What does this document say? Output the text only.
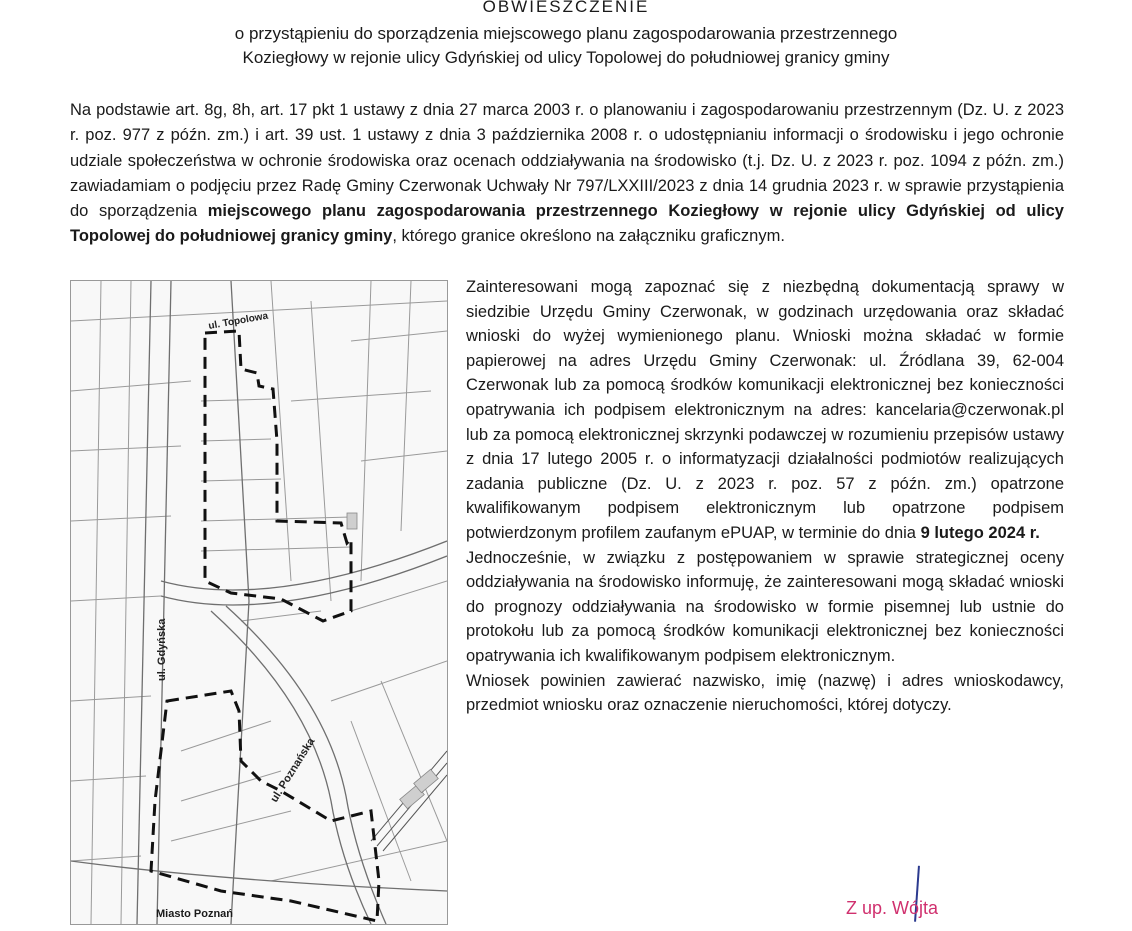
OBWIESZCZENIE
o przystąpieniu do sporządzenia miejscowego planu zagospodarowania przestrzennego
Koziegłowy w rejonie ulicy Gdyńskiej od ulicy Topolowej do południowej granicy gminy

Na podstawie art. 8g, 8h, art. 17 pkt 1 ustawy z dnia 27 marca 2003 r. o planowaniu i zagospodarowaniu przestrzennym (Dz. U. z 2023 r. poz. 977 z późn. zm.) i art. 39 ust. 1 ustawy z dnia 3 października 2008 r. o udostępnianiu informacji o środowisku i jego ochronie udziale społeczeństwa w ochronie środowiska oraz ocenach oddziaływania na środowisko (t.j. Dz. U. z 2023 r. poz. 1094 z późn. zm.) zawiadamiam o podjęciu przez Radę Gminy Czerwonak Uchwały Nr 797/LXXIII/2023 z dnia 14 grudnia 2023 r. w sprawie przystąpienia do sporządzenia miejscowego planu zagospodarowania przestrzennego Koziegłowy w rejonie ulicy Gdyńskiej od ulicy Topolowej do południowej granicy gminy, którego granice określono na załączniku graficznym.

ul. Topolowa
ul. Gdyńska
ul. Poznańska
Miasto Poznań

Zainteresowani mogą zapoznać się z niezbędną dokumentacją sprawy w siedzibie Urzędu Gminy Czerwonak, w godzinach urzędowania oraz składać wnioski do wyżej wymienionego planu. Wnioski można składać w formie papierowej na adres Urzędu Gminy Czerwonak: ul. Źródlana 39, 62-004 Czerwonak lub za pomocą środków komunikacji elektronicznej bez konieczności opatrywania ich podpisem elektronicznym na adres: kancelaria@czerwonak.pl lub za pomocą elektronicznej skrzynki podawczej w rozumieniu przepisów ustawy z dnia 17 lutego 2005 r. o informatyzacji działalności podmiotów realizujących zadania publiczne (Dz. U. z 2023 r. poz. 57 z późn. zm.) opatrzone kwalifikowanym podpisem elektronicznym lub opatrzone podpisem potwierdzonym profilem zaufanym ePUAP, w terminie do dnia 9 lutego 2024 r.

Jednocześnie, w związku z postępowaniem w sprawie strategicznej oceny oddziaływania na środowisko informuję, że zainteresowani mogą składać wnioski do prognozy oddziaływania na środowisko w formie pisemnej lub ustnie do protokołu lub za pomocą środków komunikacji elektronicznej bez konieczności opatrywania ich kwalifikowanym podpisem elektronicznym.

Wniosek powinien zawierać nazwisko, imię (nazwę) i adres wnioskodawcy, przedmiot wniosku oraz oznaczenie nieruchomości, której dotyczy.

Z up. Wójta
